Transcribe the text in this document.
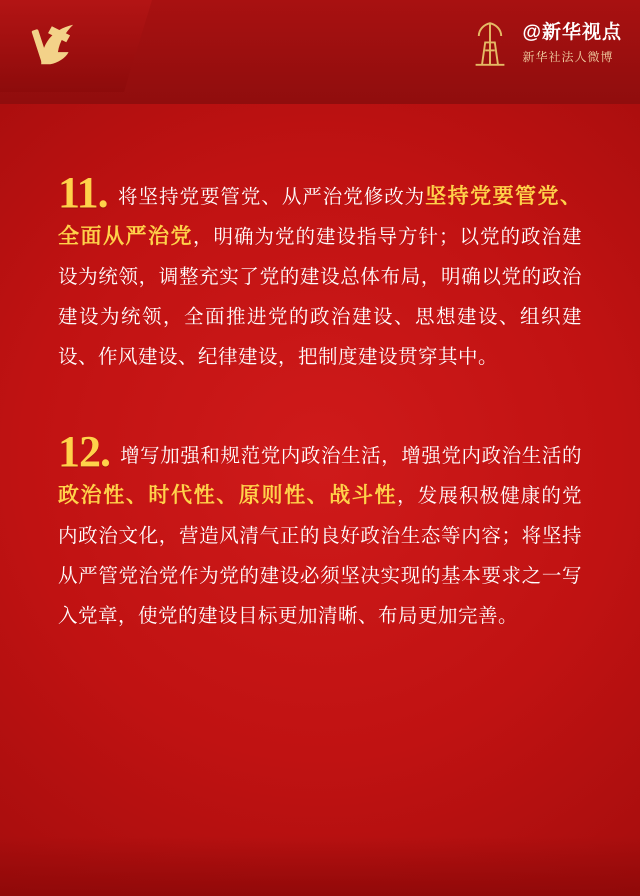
@新华视点
新华社法人微博

11. 将坚持党要管党、从严治党修改为坚持党要管党、全面从严治党，明确为党的建设指导方针；以党的政治建设为统领，调整充实了党的建设总体布局，明确以党的政治建设为统领，全面推进党的政治建设、思想建设、组织建设、作风建设、纪律建设，把制度建设贯穿其中。

12. 增写加强和规范党内政治生活，增强党内政治生活的 政治性、时代性、原则性、战斗性，发展积极健康的党内政治文化，营造风清气正的良好政治生态等内容；将坚持从严管党治党作为党的建设必须坚决实现的基本要求之一写入党章，使党的建设目标更加清晰、布局更加完善。
